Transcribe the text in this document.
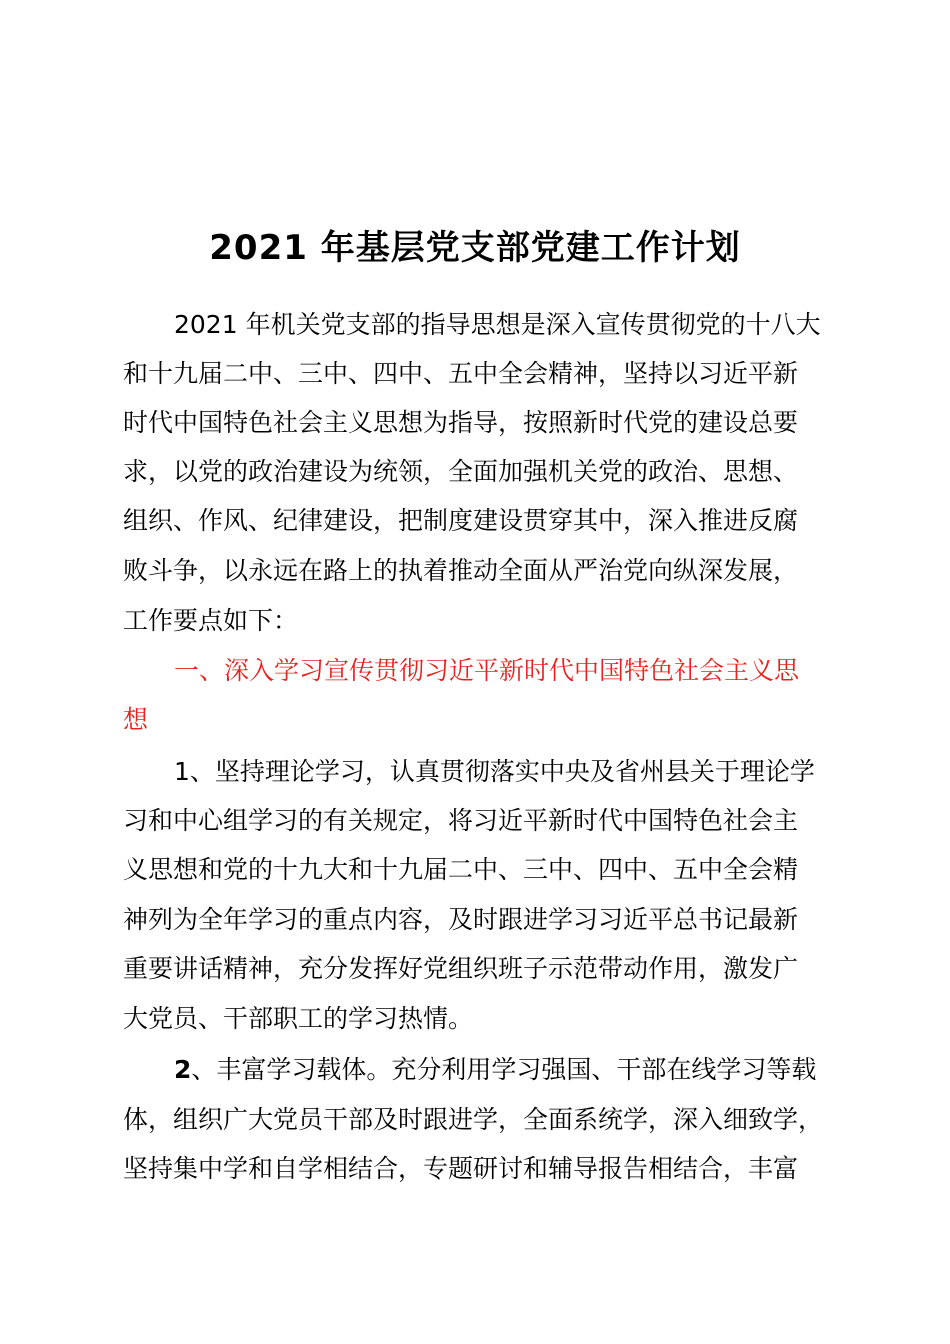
2021 年基层党支部党建工作计划
2021 年机关党支部的指导思想是深入宣传贯彻党的十八大
和十九届二中、三中、四中、五中全会精神，坚持以习近平新
时代中国特色社会主义思想为指导，按照新时代党的建设总要
求，以党的政治建设为统领，全面加强机关党的政治、思想、
组织、作风、纪律建设，把制度建设贯穿其中，深入推进反腐
败斗争，以永远在路上的执着推动全面从严治党向纵深发展，
工作要点如下：
一、深入学习宣传贯彻习近平新时代中国特色社会主义思
想
1、坚持理论学习，认真贯彻落实中央及省州县关于理论学
习和中心组学习的有关规定，将习近平新时代中国特色社会主
义思想和党的十九大和十九届二中、三中、四中、五中全会精
神列为全年学习的重点内容，及时跟进学习习近平总书记最新
重要讲话精神，充分发挥好党组织班子示范带动作用，激发广
大党员、干部职工的学习热情。
2、丰富学习载体。充分利用学习强国、干部在线学习等载
体，组织广大党员干部及时跟进学，全面系统学，深入细致学，
坚持集中学和自学相结合，专题研讨和辅导报告相结合，丰富
